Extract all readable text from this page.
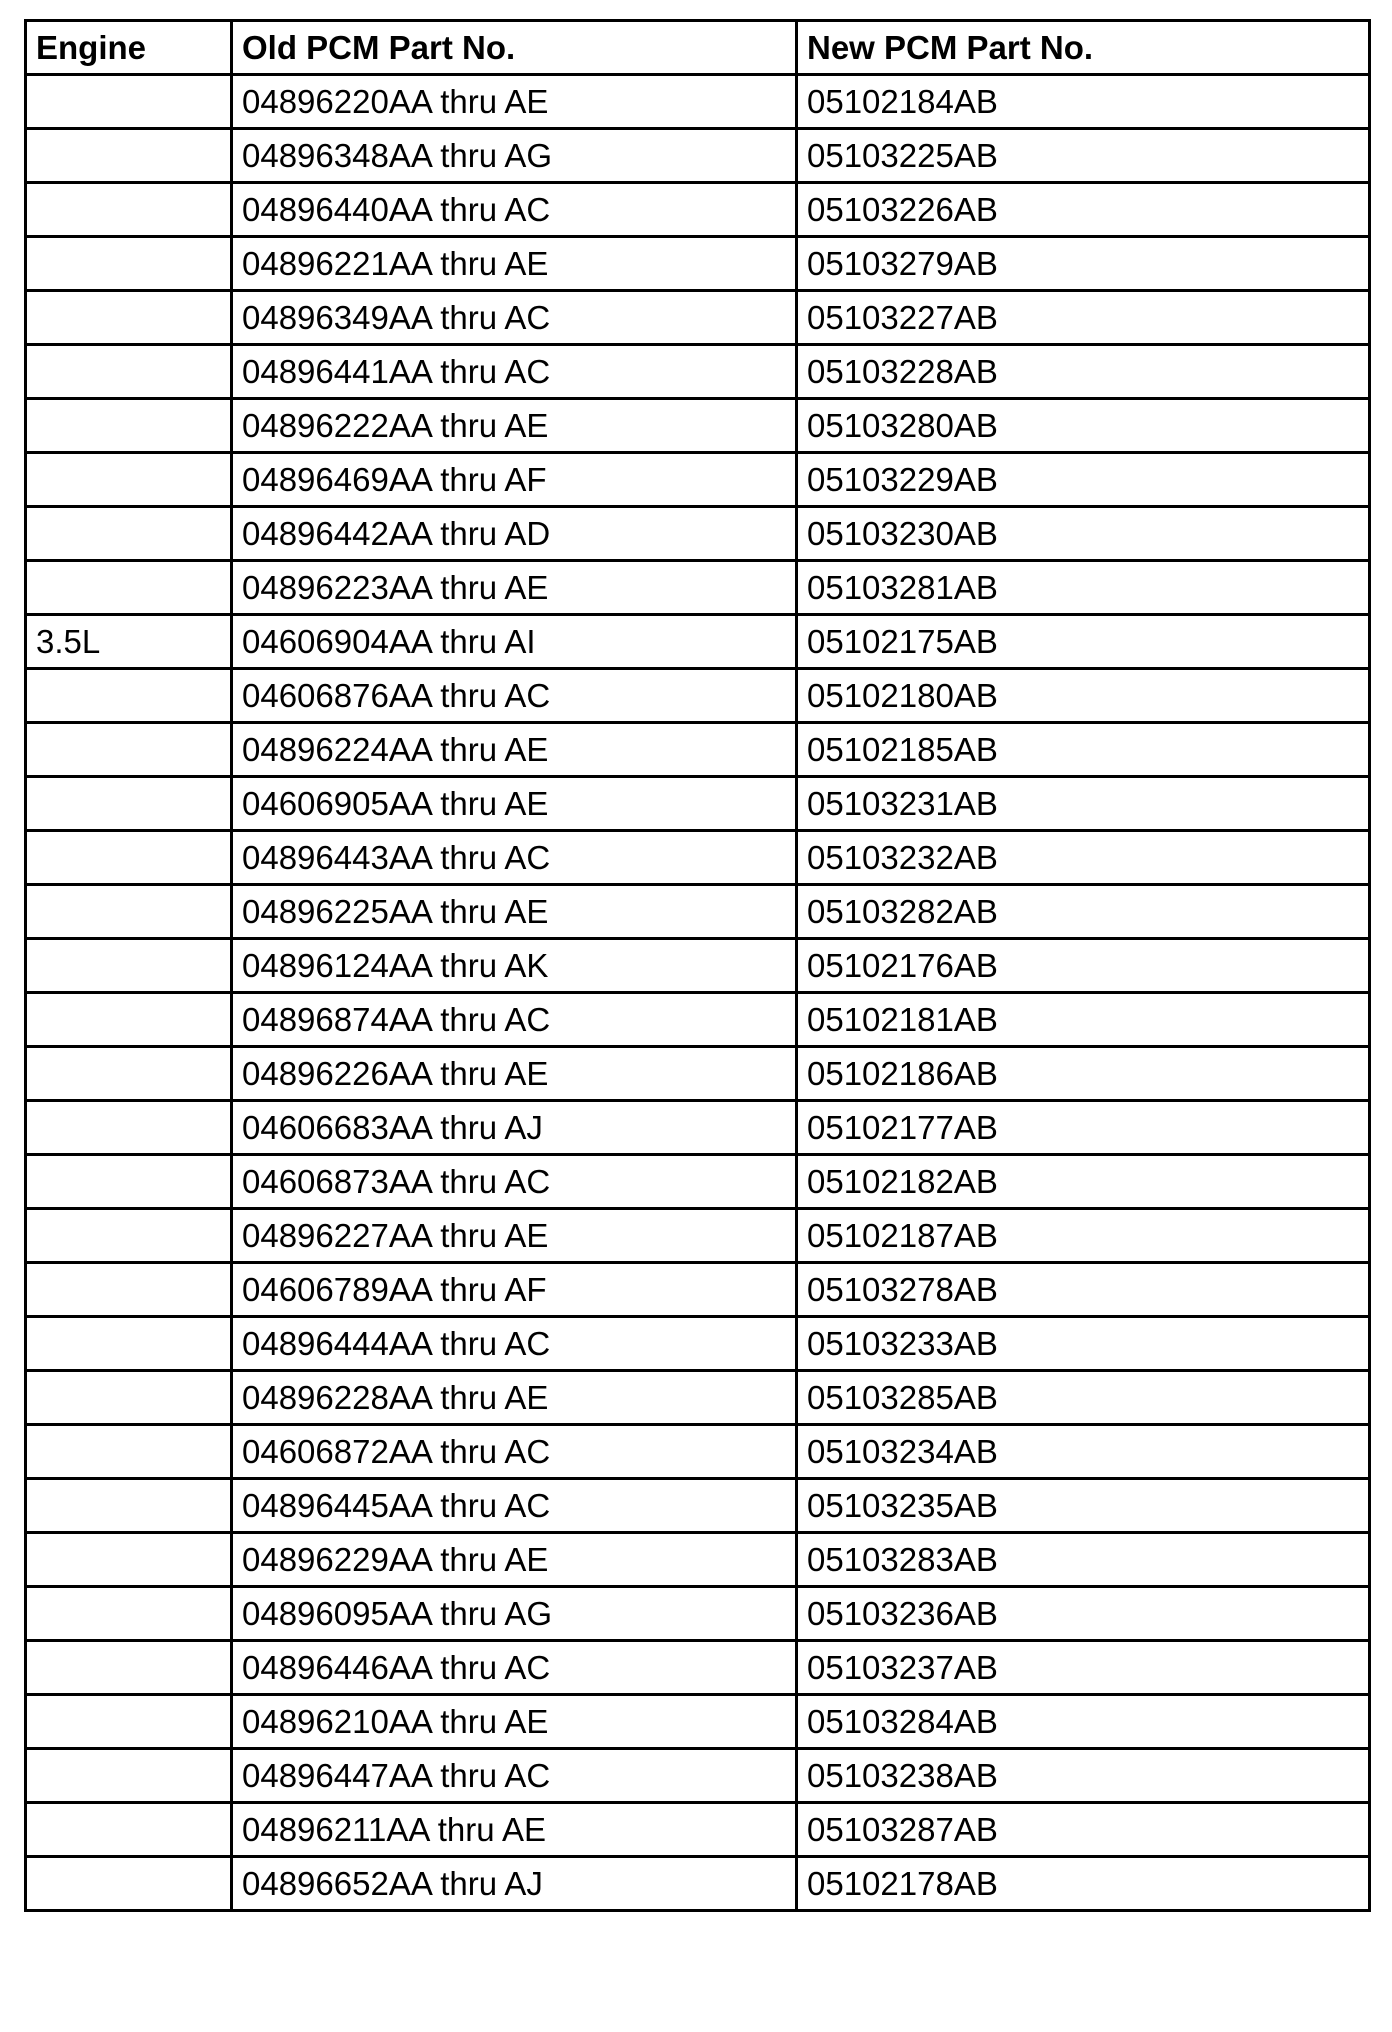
Engine	Old PCM Part No.	New PCM Part No.
	04896220AA thru AE	05102184AB
	04896348AA thru AG	05103225AB
	04896440AA thru AC	05103226AB
	04896221AA thru AE	05103279AB
	04896349AA thru AC	05103227AB
	04896441AA thru AC	05103228AB
	04896222AA thru AE	05103280AB
	04896469AA thru AF	05103229AB
	04896442AA thru AD	05103230AB
	04896223AA thru AE	05103281AB
3.5L	04606904AA thru AI	05102175AB
	04606876AA thru AC	05102180AB
	04896224AA thru AE	05102185AB
	04606905AA thru AE	05103231AB
	04896443AA thru AC	05103232AB
	04896225AA thru AE	05103282AB
	04896124AA thru AK	05102176AB
	04896874AA thru AC	05102181AB
	04896226AA thru AE	05102186AB
	04606683AA thru AJ	05102177AB
	04606873AA thru AC	05102182AB
	04896227AA thru AE	05102187AB
	04606789AA thru AF	05103278AB
	04896444AA thru AC	05103233AB
	04896228AA thru AE	05103285AB
	04606872AA thru AC	05103234AB
	04896445AA thru AC	05103235AB
	04896229AA thru AE	05103283AB
	04896095AA thru AG	05103236AB
	04896446AA thru AC	05103237AB
	04896210AA thru AE	05103284AB
	04896447AA thru AC	05103238AB
	04896211AA thru AE	05103287AB
	04896652AA thru AJ	05102178AB
